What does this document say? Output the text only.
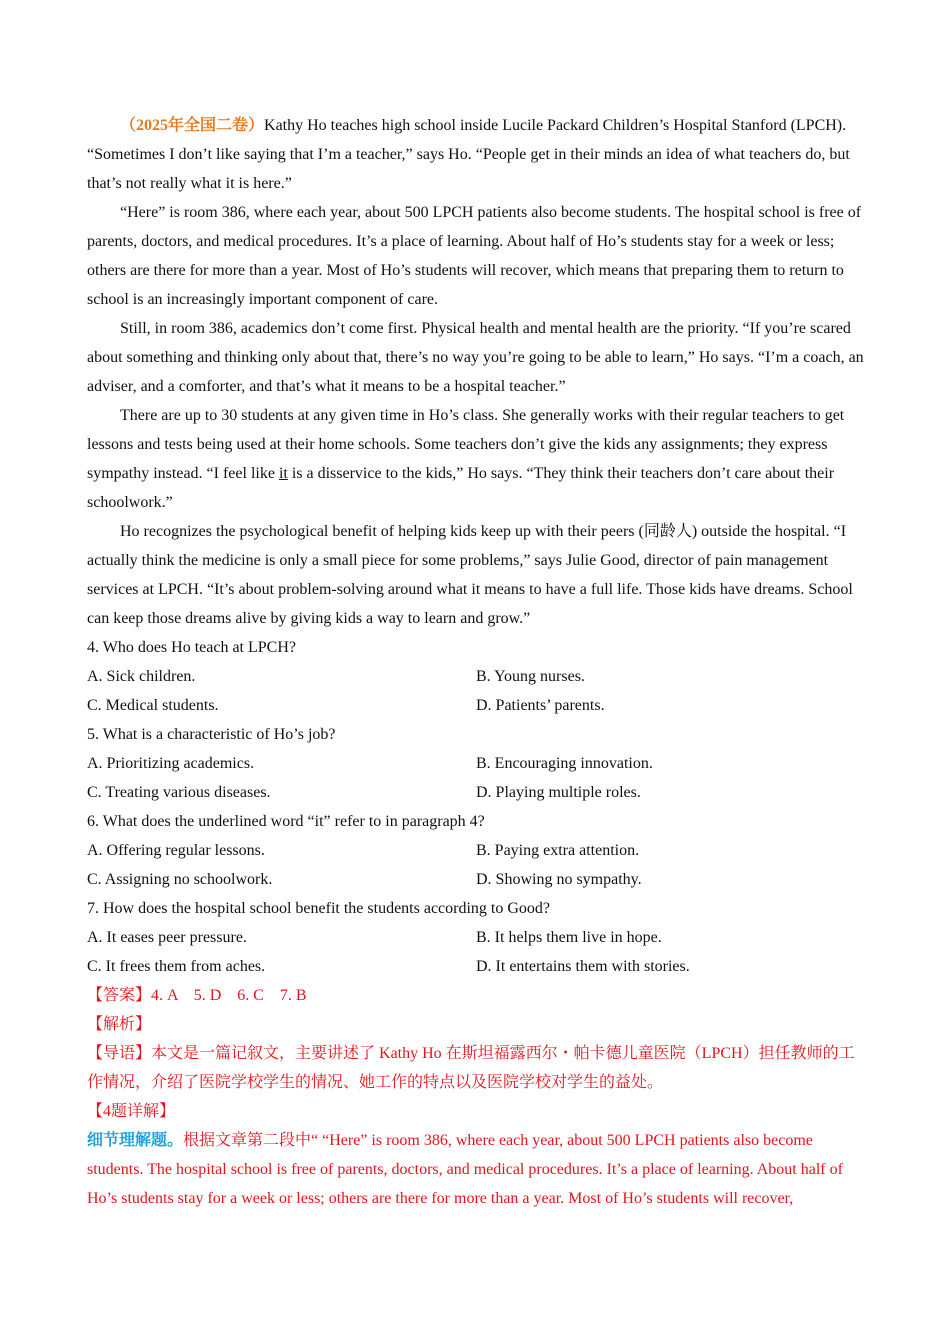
（2025年全国二卷）Kathy Ho teaches high school inside Lucile Packard Children’s Hospital Stanford (LPCH). “Sometimes I don’t like saying that I’m a teacher,” says Ho. “People get in their minds an idea of what teachers do, but that’s not really what it is here.”

“Here” is room 386, where each year, about 500 LPCH patients also become students. The hospital school is free of parents, doctors, and medical procedures. It’s a place of learning. About half of Ho’s students stay for a week or less; others are there for more than a year. Most of Ho’s students will recover, which means that preparing them to return to school is an increasingly important component of care.

Still, in room 386, academics don’t come first. Physical health and mental health are the priority. “If you’re scared about something and thinking only about that, there’s no way you’re going to be able to learn,” Ho says. “I’m a coach, an adviser, and a comforter, and that’s what it means to be a hospital teacher.”

There are up to 30 students at any given time in Ho’s class. She generally works with their regular teachers to get lessons and tests being used at their home schools. Some teachers don’t give the kids any assignments; they express sympathy instead. “I feel like it is a disservice to the kids,” Ho says. “They think their teachers don’t care about their schoolwork.”

Ho recognizes the psychological benefit of helping kids keep up with their peers (同龄人) outside the hospital. “I actually think the medicine is only a small piece for some problems,” says Julie Good, director of pain management services at LPCH. “It’s about problem-solving around what it means to have a full life. Those kids have dreams. School can keep those dreams alive by giving kids a way to learn and grow.”

4. Who does Ho teach at LPCH?

A. Sick children.	B. Young nurses.
C. Medical students.	D. Patients’ parents.

5. What is a characteristic of Ho’s job?

A. Prioritizing academics.	B. Encouraging innovation.
C. Treating various diseases.	D. Playing multiple roles.

6. What does the underlined word “it” refer to in paragraph 4?

A. Offering regular lessons.	B. Paying extra attention.
C. Assigning no schoolwork.	D. Showing no sympathy.

7. How does the hospital school benefit the students according to Good?

A. It eases peer pressure.	B. It helps them live in hope.
C. It frees them from aches.	D. It entertains them with stories.

【答案】4. A　5. D　6. C　7. B

【解析】

【导语】本文是一篇记叙文，主要讲述了 Kathy Ho 在斯坦福露西尔・帕卡德儿童医院（LPCH）担任教师的工作情况，介绍了医院学校学生的情况、她工作的特点以及医院学校对学生的益处。

【4题详解】

细节理解题。根据文章第二段中“ “Here” is room 386, where each year, about 500 LPCH patients also become students. The hospital school is free of parents, doctors, and medical procedures. It’s a place of learning. About half of Ho’s students stay for a week or less; others are there for more than a year. Most of Ho’s students will recover,
